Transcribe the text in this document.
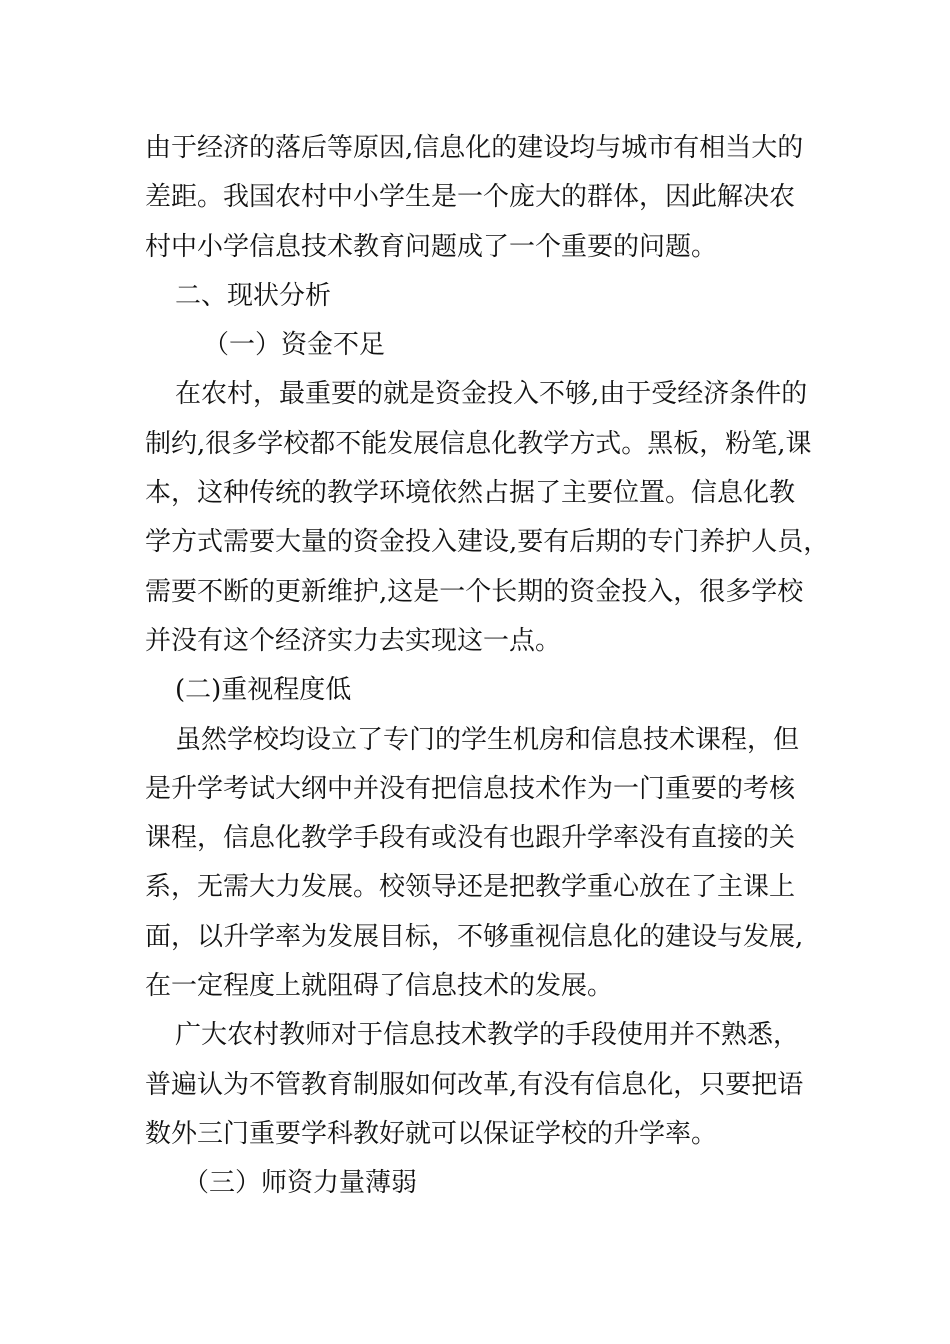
由于经济的落后等原因,信息化的建设均与城市有相当大的
差距。我国农村中小学生是一个庞大的群体，因此解决农
村中小学信息技术教育问题成了一个重要的问题。
二、现状分析
（一）资金不足
在农村，最重要的就是资金投入不够,由于受经济条件的
制约,很多学校都不能发展信息化教学方式。黑板，粉笔,课
本，这种传统的教学环境依然占据了主要位置。信息化教
学方式需要大量的资金投入建设,要有后期的专门养护人员，
需要不断的更新维护,这是一个长期的资金投入，很多学校
并没有这个经济实力去实现这一点。
(二)重视程度低
虽然学校均设立了专门的学生机房和信息技术课程，但
是升学考试大纲中并没有把信息技术作为一门重要的考核
课程，信息化教学手段有或没有也跟升学率没有直接的关
系，无需大力发展。校领导还是把教学重心放在了主课上
面，以升学率为发展目标，不够重视信息化的建设与发展,
在一定程度上就阻碍了信息技术的发展。
广大农村教师对于信息技术教学的手段使用并不熟悉，
普遍认为不管教育制服如何改革,有没有信息化，只要把语
数外三门重要学科教好就可以保证学校的升学率。
（三）师资力量薄弱
